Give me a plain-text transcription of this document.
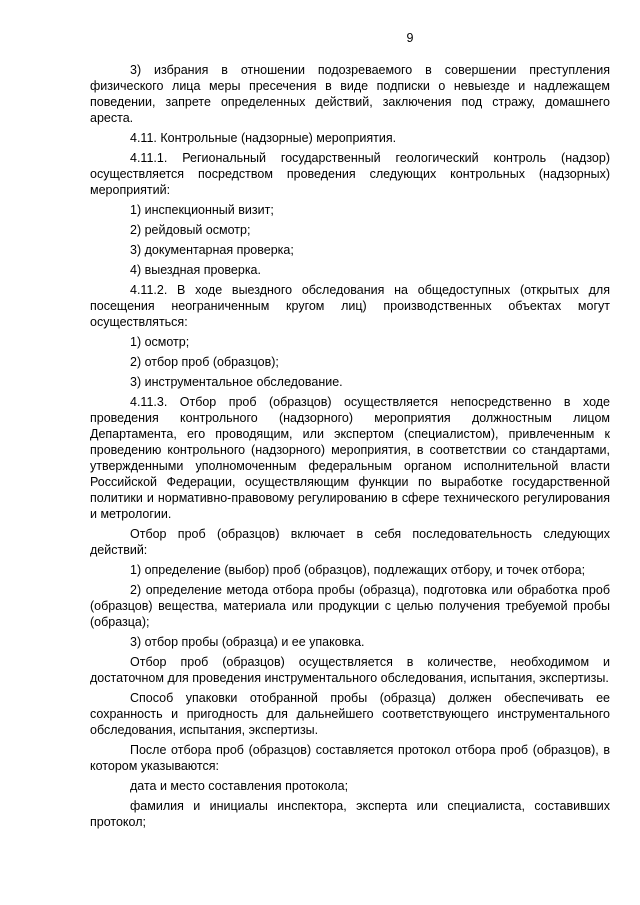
9

3) избрания в отношении подозреваемого в совершении преступления физического лица меры пресечения в виде подписки о невыезде и надлежащем поведении, запрете определенных действий, заключения под стражу, домашнего ареста.

4.11. Контрольные (надзорные) мероприятия.

4.11.1. Региональный государственный геологический контроль (надзор) осуществляется посредством проведения следующих контрольных (надзорных) мероприятий:

1) инспекционный визит;

2) рейдовый осмотр;

3) документарная проверка;

4) выездная проверка.

4.11.2. В ходе выездного обследования на общедоступных (открытых для посещения неограниченным кругом лиц) производственных объектах могут осуществляться:

1) осмотр;

2) отбор проб (образцов);

3) инструментальное обследование.

4.11.3. Отбор проб (образцов) осуществляется непосредственно в ходе проведения контрольного (надзорного) мероприятия должностным лицом Департамента, его проводящим, или экспертом (специалистом), привлеченным к проведению контрольного (надзорного) мероприятия, в соответствии со стандартами, утвержденными уполномоченным федеральным органом исполнительной власти Российской Федерации, осуществляющим функции по выработке государственной политики и нормативно-правовому регулированию в сфере технического регулирования и метрологии.

Отбор проб (образцов) включает в себя последовательность следующих действий:

1) определение (выбор) проб (образцов), подлежащих отбору, и точек отбора;

2) определение метода отбора пробы (образца), подготовка или обработка проб (образцов) вещества, материала или продукции с целью получения требуемой пробы (образца);

3) отбор пробы (образца) и ее упаковка.

Отбор проб (образцов) осуществляется в количестве, необходимом и достаточном для проведения инструментального обследования, испытания, экспертизы.

Способ упаковки отобранной пробы (образца) должен обеспечивать ее сохранность и пригодность для дальнейшего соответствующего инструментального обследования, испытания, экспертизы.

После отбора проб (образцов) составляется протокол отбора проб (образцов), в котором указываются:

дата и место составления протокола;

фамилия и инициалы инспектора, эксперта или специалиста, составивших протокол;
